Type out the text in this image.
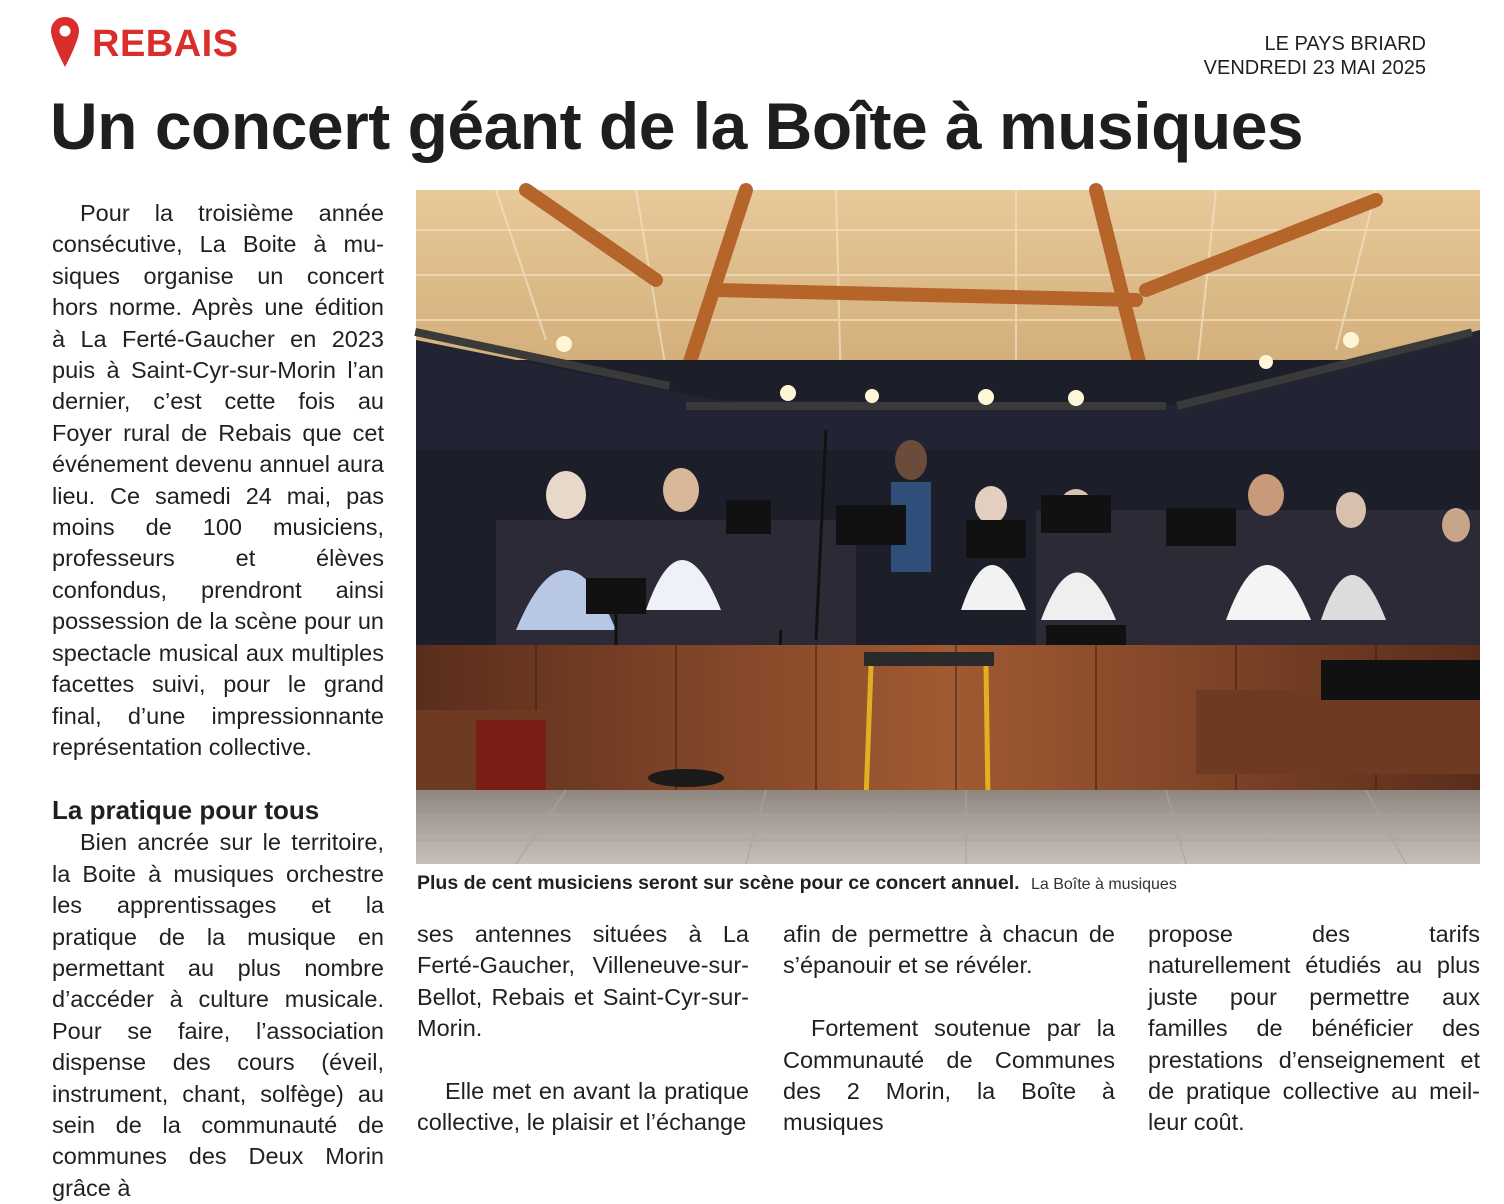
REBAIS	LE PAYS BRIARD
VENDREDI 23 MAI 2025
Un concert géant de la Boîte à musiques

Pour la troisième année consécutive, La Boite à musiques organise un concert hors norme. Après une édition à La Ferté-Gaucher en 2023 puis à Saint-Cyr-sur-Morin l’an dernier, c’est cette fois au Foyer rural de Rebais que cet événement devenu annuel aura lieu. Ce samedi 24 mai, pas moins de 100 musiciens, professeurs et élèves confondus, prendront ainsi possession de la scène pour un spectacle musical aux multiples facettes suivi, pour le grand final, d’une impressionnante représentation collective.

La pratique pour tous

Bien ancrée sur le territoire, la Boite à musiques orchestre les apprentissages et la pratique de la musique en permettant au plus nombre d’accéder à culture musicale. Pour se faire, l’association dispense des cours (éveil, instrument, chant, solfège) au sein de la communauté de communes des Deux Morin grâce à

Plus de cent musiciens seront sur scène pour ce concert annuel. La Boîte à musiques

ses antennes situées à La Ferté-Gaucher, Villeneuve-sur-Bellot, Rebais et Saint-Cyr-sur-Morin.

Elle met en avant la pratique collective, le plaisir et l’échange

afin de permettre à chacun de s’épanouir et se révéler.

Fortement soutenue par la Communauté de Communes des 2 Morin, la Boîte à musiques

propose des tarifs naturellement étudiés au plus juste pour permettre aux familles de bénéficier des prestations d’enseignement et de pratique collective au meilleur coût.
